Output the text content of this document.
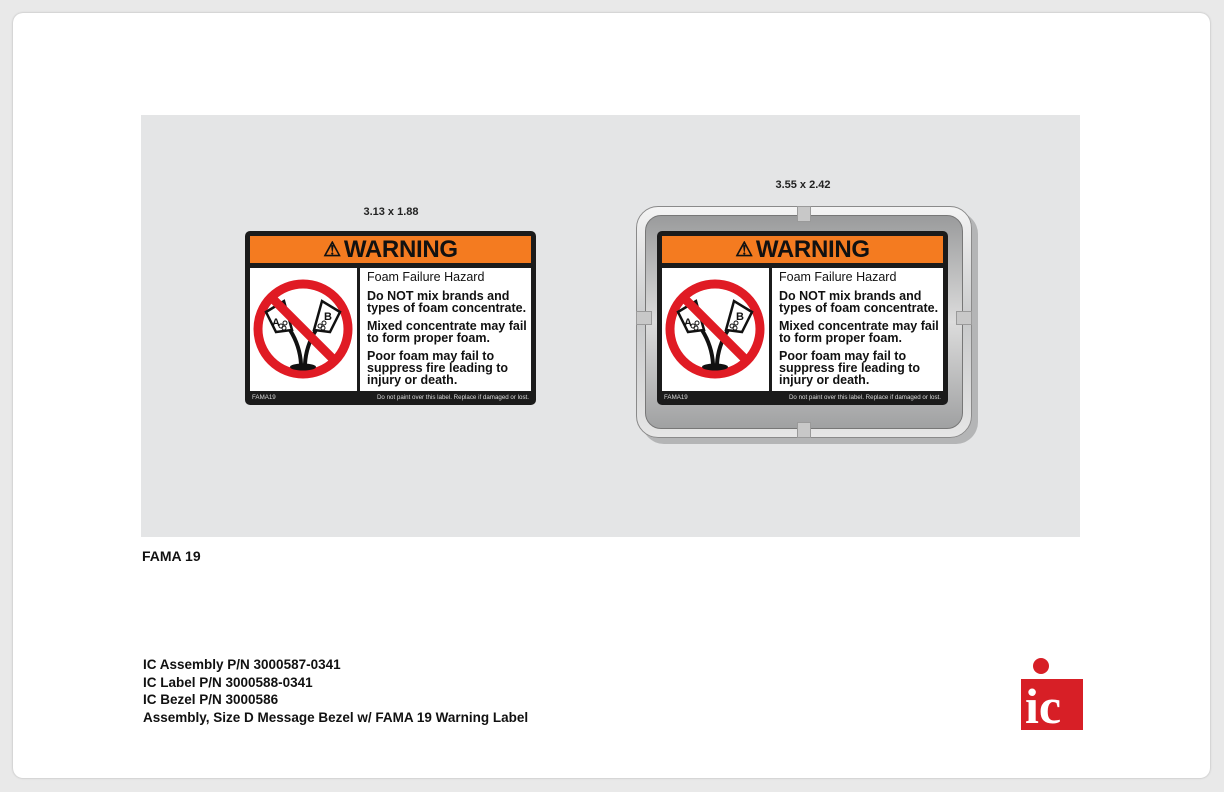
3.13 x 1.88
3.55 x 2.42
⚠ WARNING
A	B
Foam Failure Hazard
Do NOT mix brands and
types of foam concentrate.
Mixed concentrate may fail
to form proper foam.
Poor foam may fail to
suppress fire leading to
injury or death.
FAMA19	Do not paint over this label. Replace if damaged or lost.
⚠ WARNING
A	B
Foam Failure Hazard
Do NOT mix brands and
types of foam concentrate.
Mixed concentrate may fail
to form proper foam.
Poor foam may fail to
suppress fire leading to
injury or death.
FAMA19	Do not paint over this label. Replace if damaged or lost.
FAMA 19
IC Assembly P/N 3000587-0341
IC Label P/N 3000588-0341
IC Bezel P/N 3000586
Assembly, Size D Message Bezel w/ FAMA 19 Warning Label	ic
